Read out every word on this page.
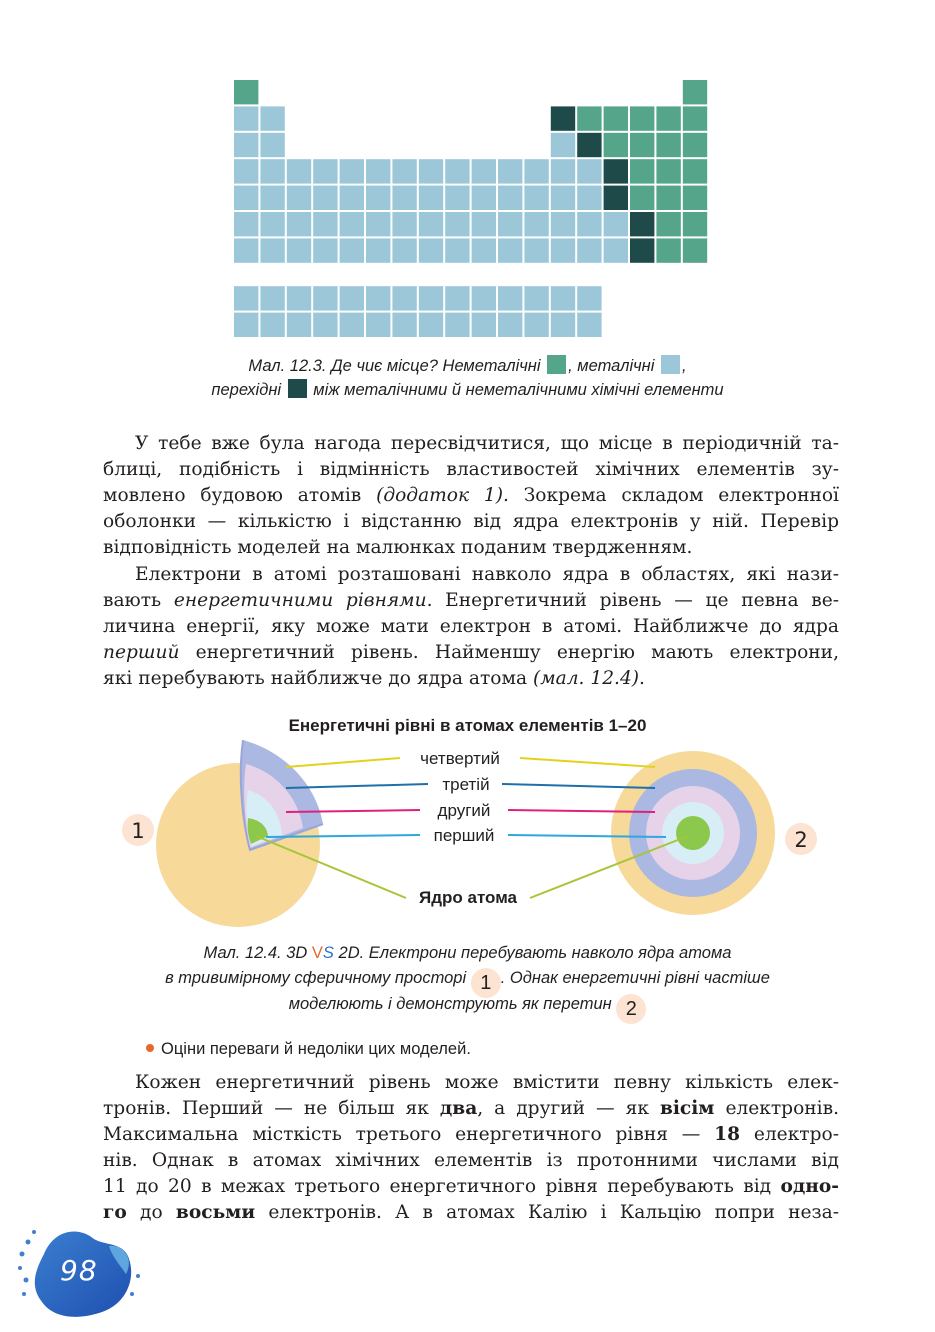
Мал. 12.3. Де чиє місце? Неметалічні , металічні ,
перехідні між металічними й неметалічними хімічні елементи
У тебе вже була нагода пересвідчитися, що місце в періодичній та-
блиці, подібність і відмінність властивостей хімічних елементів зу-
мовлено будовою атомів (додаток 1). Зокрема складом електронної
оболонки — кількістю і відстанню від ядра електронів у ній. Перевір
відповідність моделей на малюнках поданим твердженням.
Електрони в атомі розташовані навколо ядра в областях, які нази-
вають енергетичними рівнями. Енергетичний рівень — це певна ве-
личина енергії, яку може мати електрон в атомі. Найближче до ядра
перший енергетичний рівень. Найменшу енергію мають електрони,
які перебувають найближче до ядра атома (мал. 12.4).
Енергетичні рівні в атомах елементів 1–20
четвертий
третій
другий
перший
Ядро атома
1	2
Мал. 12.4. 3D VS 2D. Електрони перебувають навколо ядра атома
в тривимірному сферичному просторі 1 . Однак енергетичні рівні частіше
моделюють і демонструють як перетин 2
Оціни переваги й недоліки цих моделей.
Кожен енергетичний рівень може вмістити певну кількість елек-
тронів. Перший — не більш як два, а другий — як вісім електронів.
Максимальна місткість третього енергетичного рівня — 18 електро-
нів. Однак в атомах хімічних елементів із протонними числами від
11 до 20 в межах третього енергетичного рівня перебувають від одно-
го до восьми електронів. А в атомах Калію і Кальцію попри неза-
98
